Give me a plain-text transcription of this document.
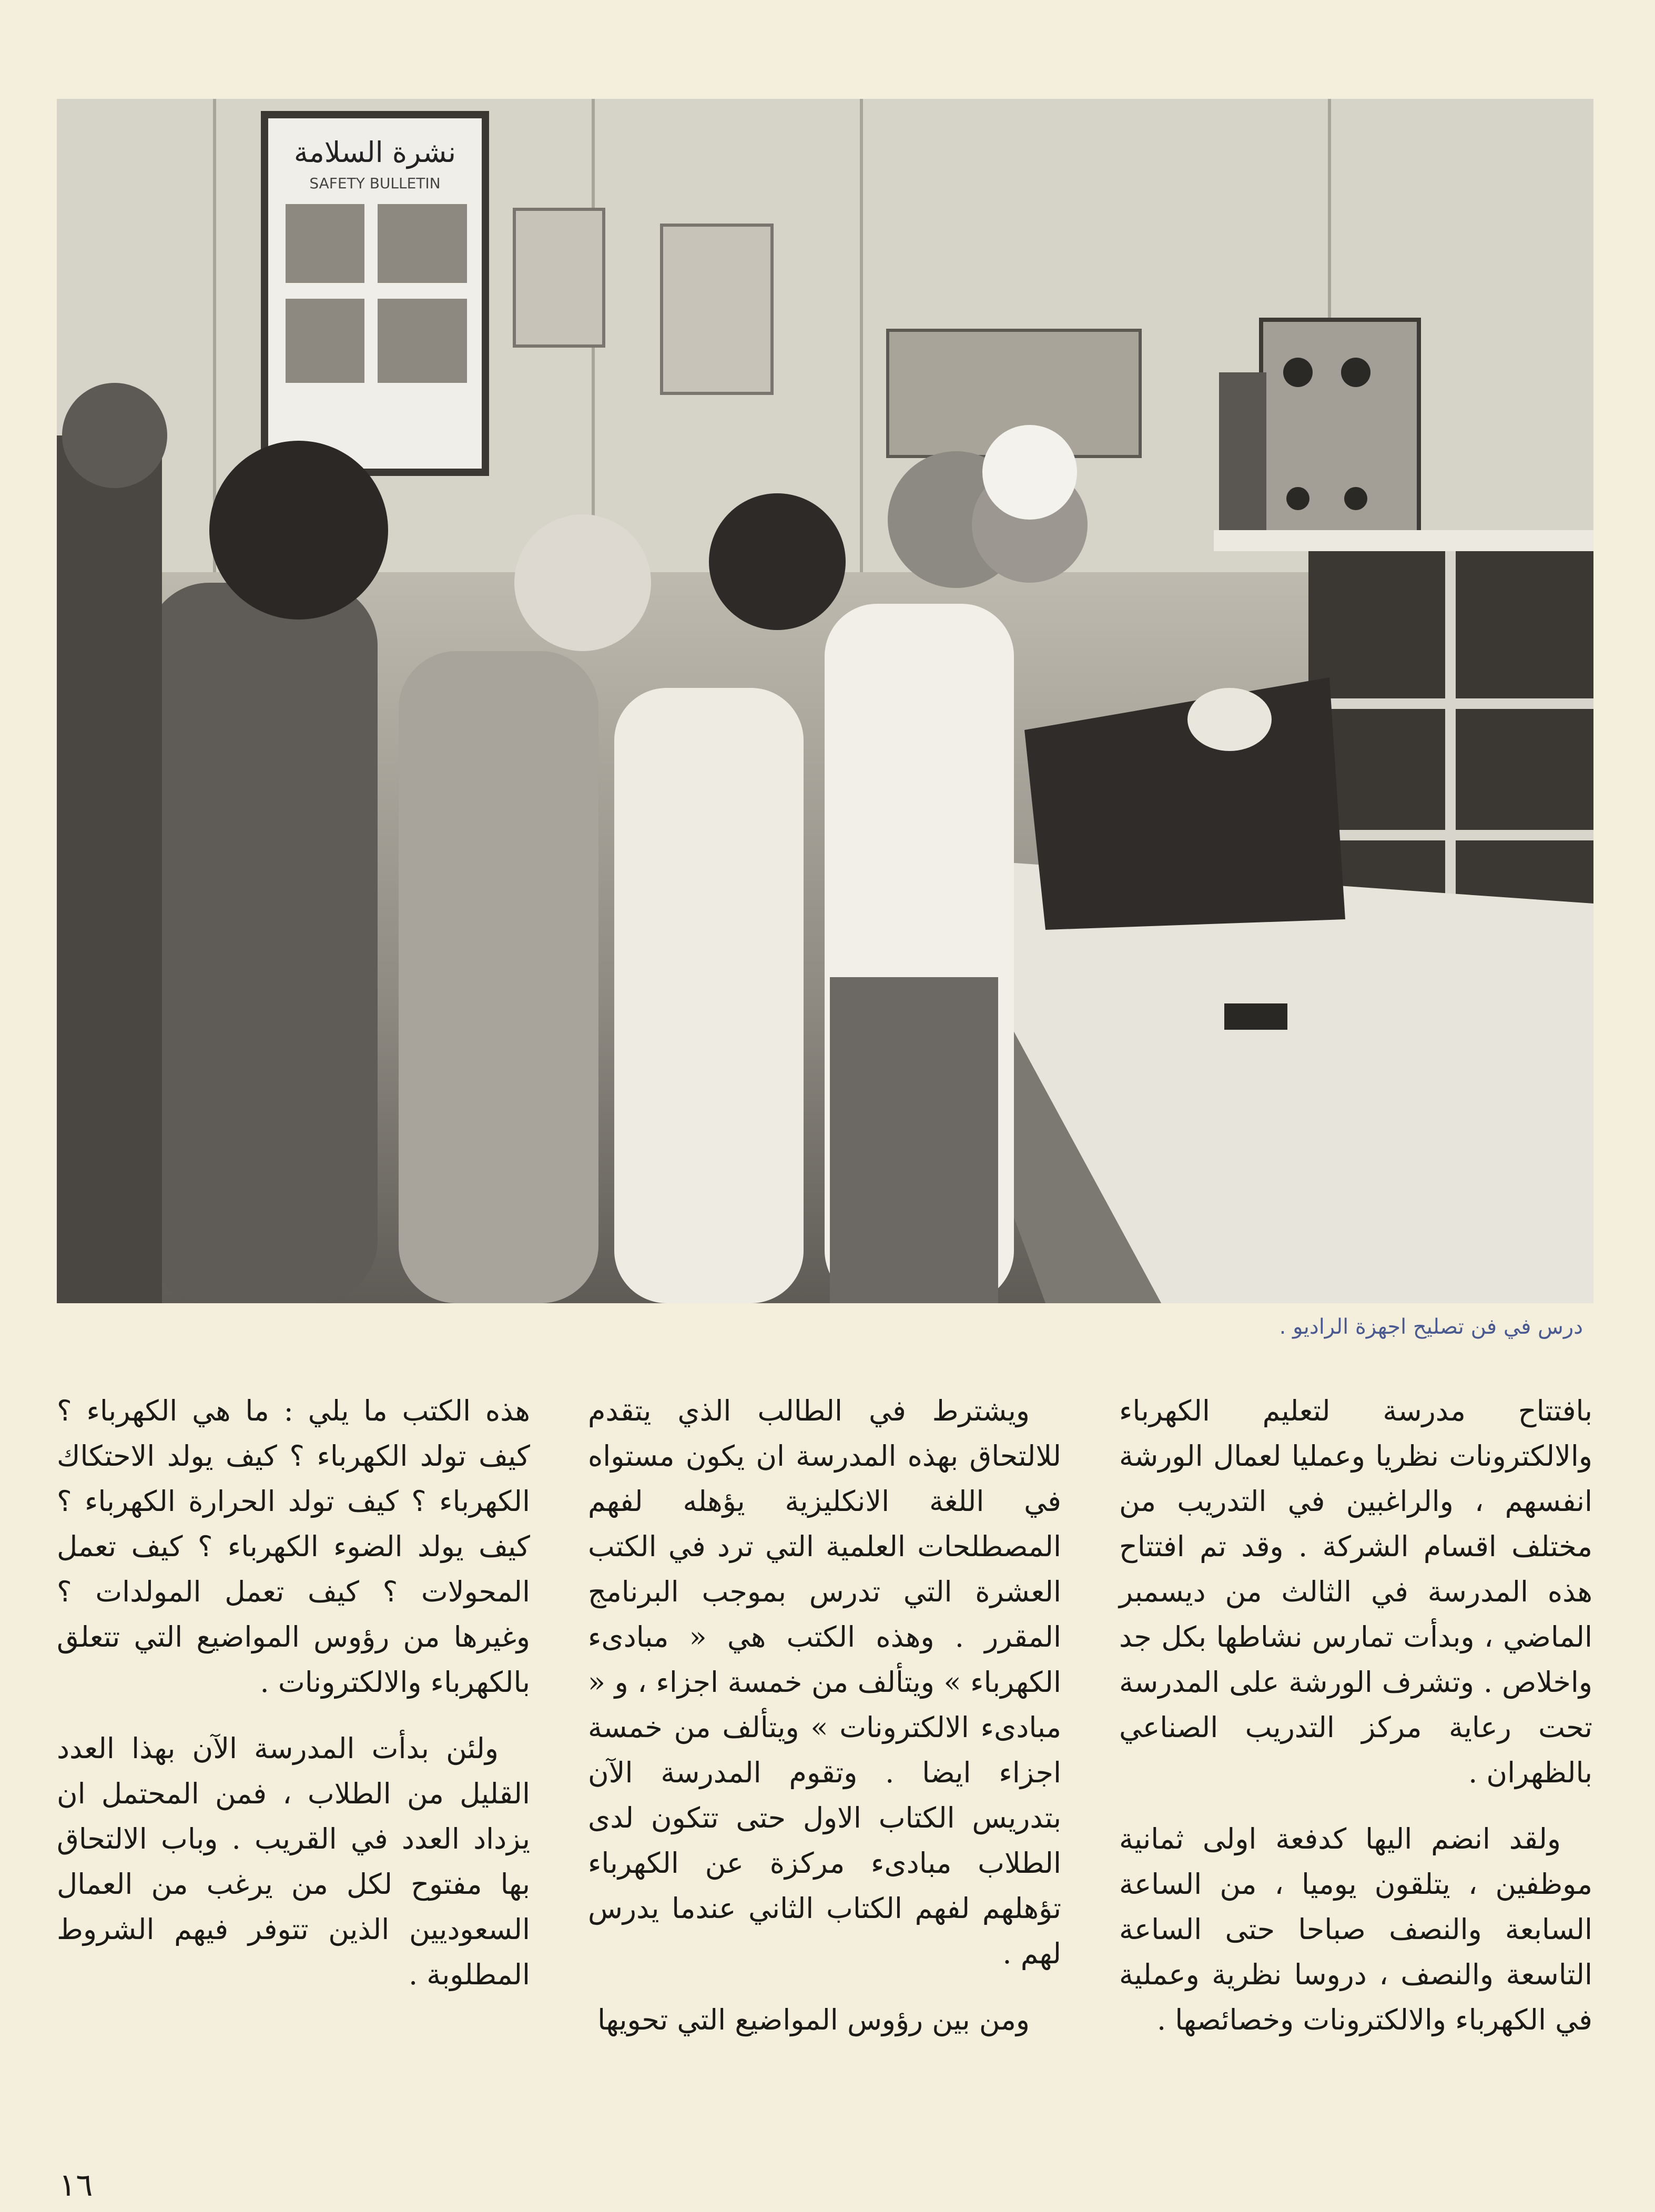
نشرة السلامة
SAFETY BULLETIN
درس في فن تصليح اجهزة الراديو .

بافتتاح مدرسة لتعليم الكهرباء والالكترونات نظريا وعمليا لعمال الورشة انفسهم ، والراغبين في التدريب من مختلف اقسام الشركة . وقد تم افتتاح هذه المدرسة في الثالث من ديسمبر الماضي ، وبدأت تمارس نشاطها بكل جد واخلاص . وتشرف الورشة على المدرسة تحت رعاية مركز التدريب الصناعي بالظهران .

ولقد انضم اليها كدفعة اولى ثمانية موظفين ، يتلقون يوميا ، من الساعة السابعة والنصف صباحا حتى الساعة التاسعة والنصف ، دروسا نظرية وعملية في الكهرباء والالكترونات وخصائصها .

ويشترط في الطالب الذي يتقدم للالتحاق بهذه المدرسة ان يكون مستواه في اللغة الانكليزية يؤهله لفهم المصطلحات العلمية التي ترد في الكتب العشرة التي تدرس بموجب البرنامج المقرر . وهذه الكتب هي « مبادىء الكهرباء » ويتألف من خمسة اجزاء ، و « مبادىء الالكترونات » ويتألف من خمسة اجزاء ايضا . وتقوم المدرسة الآن بتدريس الكتاب الاول حتى تتكون لدى الطلاب مبادىء مركزة عن الكهرباء تؤهلهم لفهم الكتاب الثاني عندما يدرس لهم .

ومن بين رؤوس المواضيع التي تحويها

هذه الكتب ما يلي : ما هي الكهرباء ؟ كيف تولد الكهرباء ؟ كيف يولد الاحتكاك الكهرباء ؟ كيف تولد الحرارة الكهرباء ؟ كيف يولد الضوء الكهرباء ؟ كيف تعمل المحولات ؟ كيف تعمل المولدات ؟ وغيرها من رؤوس المواضيع التي تتعلق بالكهرباء والالكترونات .

ولئن بدأت المدرسة الآن بهذا العدد القليل من الطلاب ، فمن المحتمل ان يزداد العدد في القريب . وباب الالتحاق بها مفتوح لكل من يرغب من العمال السعوديين الذين تتوفر فيهم الشروط المطلوبة .

١٦
